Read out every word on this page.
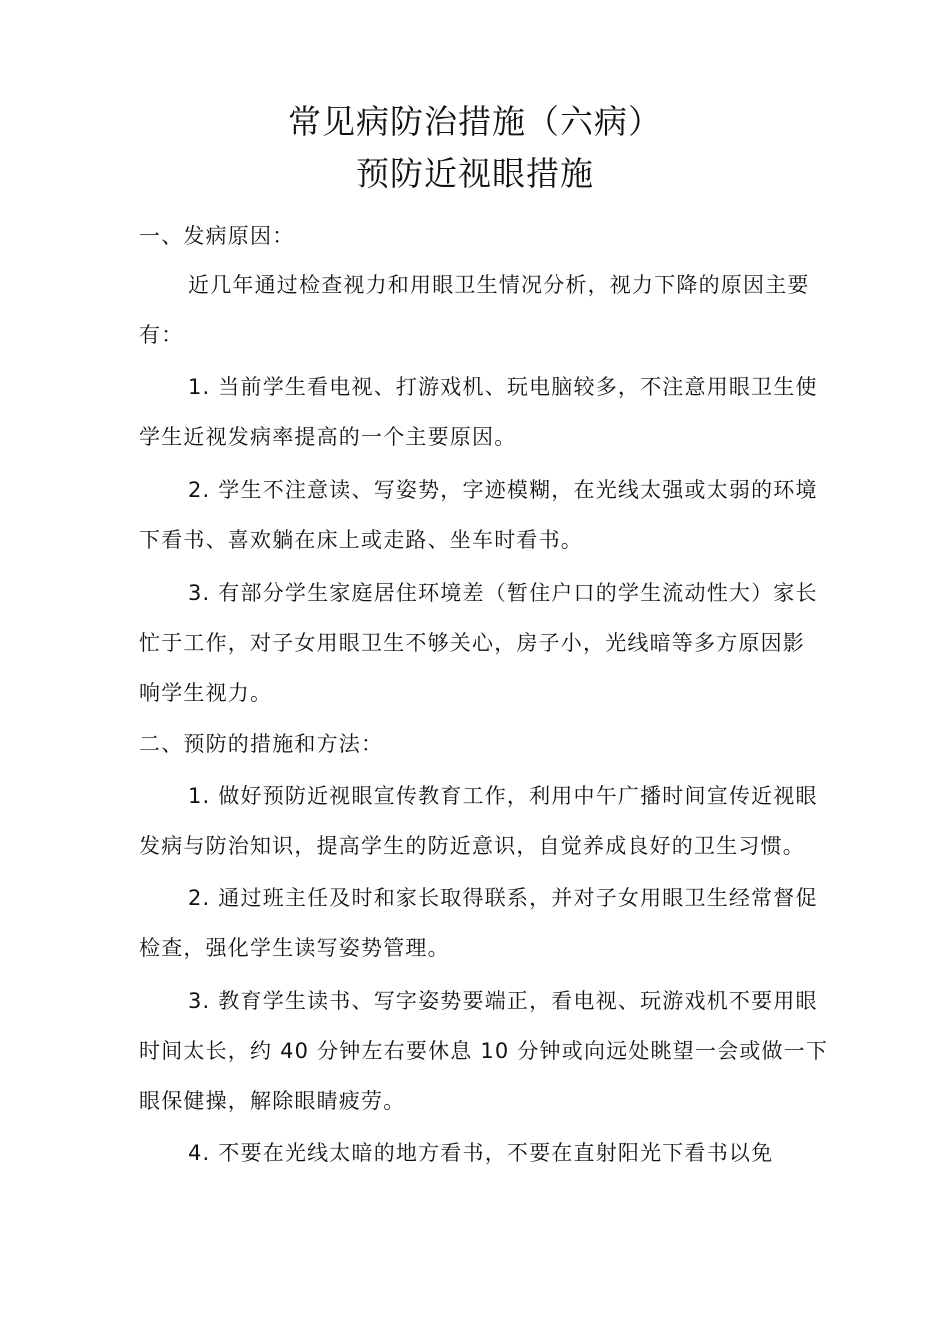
常见病防治措施（六病）
预防近视眼措施
一、发病原因：
近几年通过检查视力和用眼卫生情况分析，视力下降的原因主要
有：
1. 当前学生看电视、打游戏机、玩电脑较多，不注意用眼卫生使
学生近视发病率提高的一个主要原因。
2. 学生不注意读、写姿势，字迹模糊，在光线太强或太弱的环境
下看书、喜欢躺在床上或走路、坐车时看书。
3. 有部分学生家庭居住环境差（暂住户口的学生流动性大）家长
忙于工作，对子女用眼卫生不够关心，房子小，光线暗等多方原因影
响学生视力。
二、预防的措施和方法：
1. 做好预防近视眼宣传教育工作，利用中午广播时间宣传近视眼
发病与防治知识，提高学生的防近意识，自觉养成良好的卫生习惯。
2. 通过班主任及时和家长取得联系，并对子女用眼卫生经常督促
检查，强化学生读写姿势管理。
3. 教育学生读书、写字姿势要端正，看电视、玩游戏机不要用眼
时间太长，约 40 分钟左右要休息 10 分钟或向远处眺望一会或做一下
眼保健操，解除眼睛疲劳。
4. 不要在光线太暗的地方看书，不要在直射阳光下看书以免
